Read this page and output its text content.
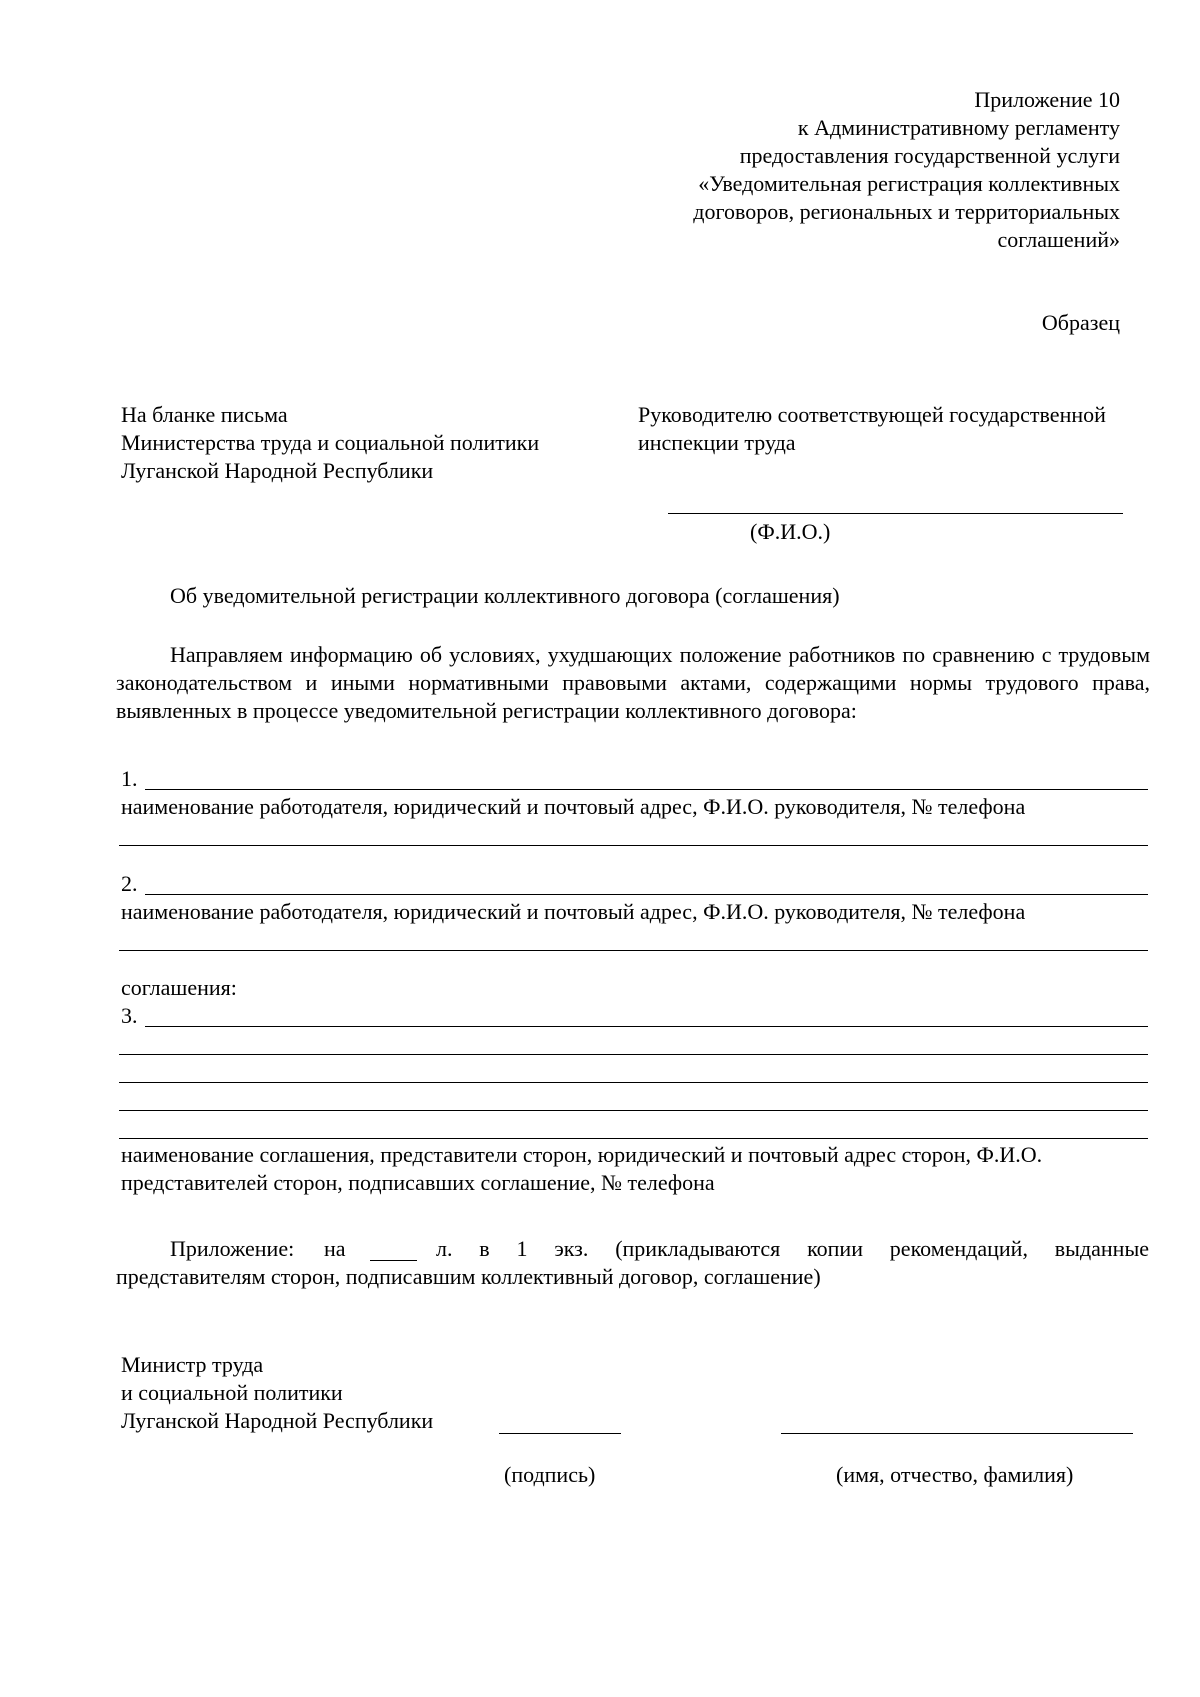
Приложение 10
к Административному регламенту
предоставления государственной услуги
«Уведомительная регистрация коллективных
договоров, региональных и территориальных
соглашений»
Образец
На бланке письма
Министерства труда и социальной политики
Луганской Народной Республики
Руководителю соответствующей государственной
инспекции труда
(Ф.И.О.)
Об уведомительной регистрации коллективного договора (соглашения)
Направляем информацию об условиях, ухудшающих положение работников по сравнению с трудовым законодательством и иными нормативными правовыми актами, содержащими нормы трудового права, выявленных в процессе уведомительной регистрации коллективного договора:
1.
наименование работодателя, юридический и почтовый адрес, Ф.И.О. руководителя, № телефона
2.
наименование работодателя, юридический и почтовый адрес, Ф.И.О. руководителя, № телефона
соглашения:
3.
наименование соглашения, представители сторон, юридический и почтовый адрес сторон, Ф.И.О.
представителей сторон, подписавших соглашение, № телефона
Приложение: на	л. в 1 экз. (прикладываются копии рекомендаций, выданные
представителям сторон, подписавшим коллективный договор, соглашение)
Министр труда
и социальной политики
Луганской Народной Республики
(подпись)	(имя, отчество, фамилия)
